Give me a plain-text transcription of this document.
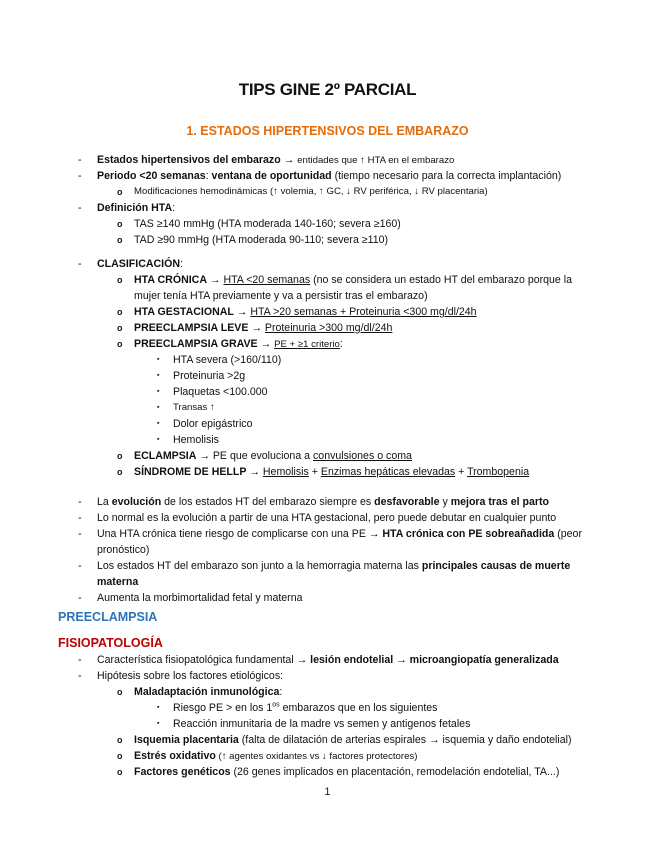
TIPS GINE 2º PARCIAL
1. ESTADOS HIPERTENSIVOS DEL EMBARAZO
- Estados hipertensivos del embarazo → entidades que ↑ HTA en el embarazo
- Periodo <20 semanas: ventana de oportunidad (tiempo necesario para la correcta implantación)
o Modificaciones hemodinámicas (↑ volemia, ↑ GC, ↓ RV periférica, ↓ RV placentaria)
- Definición HTA:
o TAS ≥140 mmHg (HTA moderada 140-160; severa ≥160)
o TAD ≥90 mmHg (HTA moderada 90-110; severa ≥110)
- CLASIFICACIÓN:
o HTA CRÓNICA → HTA <20 semanas (no se considera un estado HT del embarazo porque la
mujer tenía HTA previamente y va a persistir tras el embarazo)
o HTA GESTACIONAL → HTA >20 semanas + Proteinuria <300 mg/dl/24h
o PREECLAMPSIA LEVE → Proteinuria >300 mg/dl/24h
o PREECLAMPSIA GRAVE → PE + ≥1 criterio:
▪ HTA severa (>160/110)
▪ Proteinuria >2g
▪ Plaquetas <100.000
▪ Transas ↑
▪ Dolor epigástrico
▪ Hemolisis
o ECLAMPSIA → PE que evoluciona a convulsiones o coma
o SÍNDROME DE HELLP → Hemolisis + Enzimas hepáticas elevadas + Trombopenia
- La evolución de los estados HT del embarazo siempre es desfavorable y mejora tras el parto
- Lo normal es la evolución a partir de una HTA gestacional, pero puede debutar en cualquier punto
- Una HTA crónica tiene riesgo de complicarse con una PE → HTA crónica con PE sobreañadida (peor
pronóstico)
- Los estados HT del embarazo son junto a la hemorragia materna las principales causas de muerte
materna
- Aumenta la morbimortalidad fetal y materna
PREECLAMPSIA
FISIOPATOLOGÍA
- Característica fisiopatológica fundamental → lesión endotelial → microangiopatía generalizada
- Hipótesis sobre los factores etiológicos:
o Maladaptación inmunológica:
▪ Riesgo PE > en los $1^{os}$ embarazos que en los siguientes
▪ Reacción inmunitaria de la madre vs semen y antigenos fetales
o Isquemia placentaria (falta de dilatación de arterias espirales → isquemia y daño endotelial)
o Estrés oxidativo (↑ agentes oxidantes vs ↓ factores protectores)
o Factores genéticos (26 genes implicados en placentación, remodelación endotelial, TA...)
1
